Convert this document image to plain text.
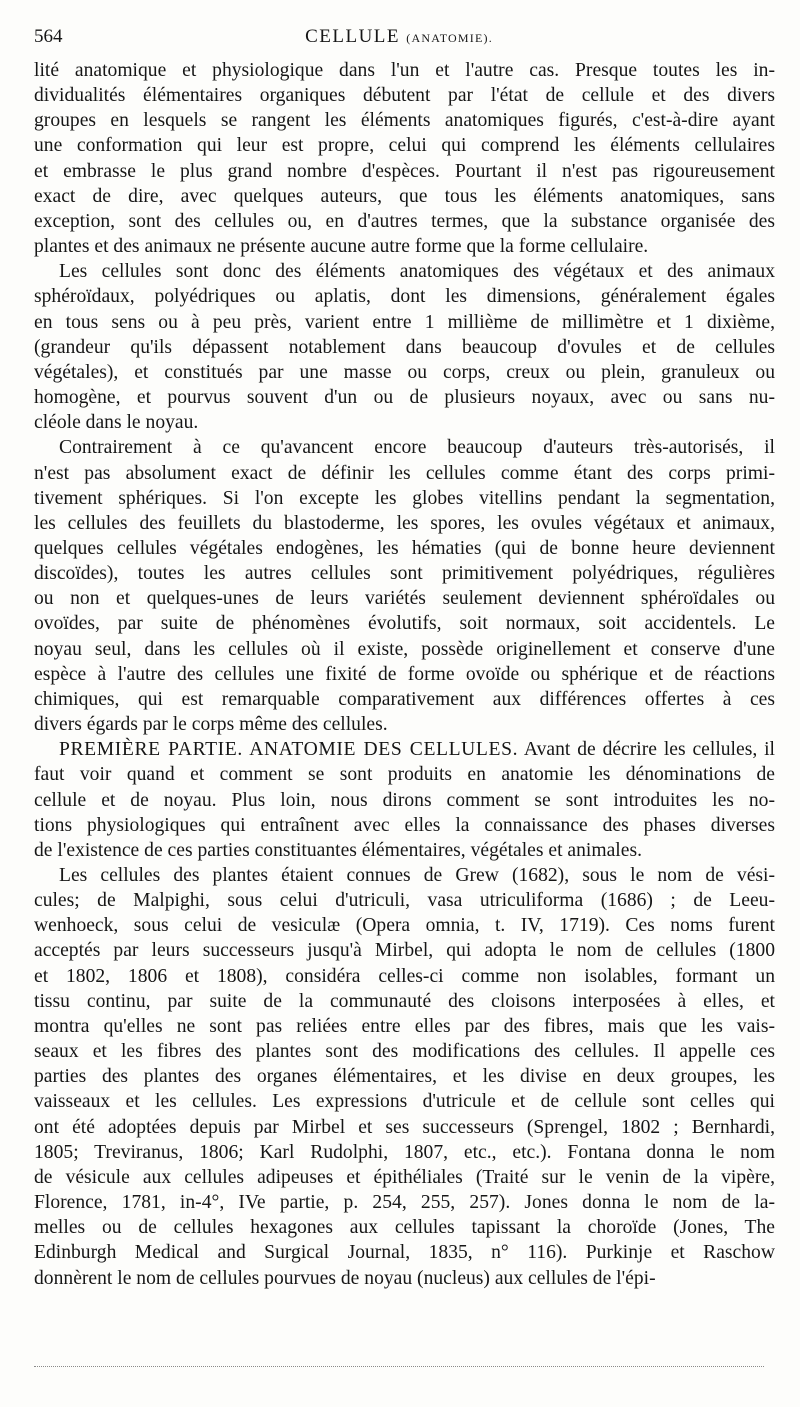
564	CELLULE (ANATOMIE).
lité anatomique et physiologique dans l'un et l'autre cas. Presque toutes les in-
dividualités élémentaires organiques débutent par l'état de cellule et des divers
groupes en lesquels se rangent les éléments anatomiques figurés, c'est-à-dire ayant
une conformation qui leur est propre, celui qui comprend les éléments cellulaires
et embrasse le plus grand nombre d'espèces. Pourtant il n'est pas rigoureusement
exact de dire, avec quelques auteurs, que tous les éléments anatomiques, sans
exception, sont des cellules ou, en d'autres termes, que la substance organisée des
plantes et des animaux ne présente aucune autre forme que la forme cellulaire.
Les cellules sont donc des éléments anatomiques des végétaux et des animaux
sphéroïdaux, polyédriques ou aplatis, dont les dimensions, généralement égales
en tous sens ou à peu près, varient entre 1 millième de millimètre et 1 dixième,
(grandeur qu'ils dépassent notablement dans beaucoup d'ovules et de cellules
végétales), et constitués par une masse ou corps, creux ou plein, granuleux ou
homogène, et pourvus souvent d'un ou de plusieurs noyaux, avec ou sans nu-
cléole dans le noyau.
Contrairement à ce qu'avancent encore beaucoup d'auteurs très-autorisés, il
n'est pas absolument exact de définir les cellules comme étant des corps primi-
tivement sphériques. Si l'on excepte les globes vitellins pendant la segmentation,
les cellules des feuillets du blastoderme, les spores, les ovules végétaux et animaux,
quelques cellules végétales endogènes, les hématies (qui de bonne heure deviennent
discoïdes), toutes les autres cellules sont primitivement polyédriques, régulières
ou non et quelques-unes de leurs variétés seulement deviennent sphéroïdales ou
ovoïdes, par suite de phénomènes évolutifs, soit normaux, soit accidentels. Le
noyau seul, dans les cellules où il existe, possède originellement et conserve d'une
espèce à l'autre des cellules une fixité de forme ovoïde ou sphérique et de réactions
chimiques, qui est remarquable comparativement aux différences offertes à ces
divers égards par le corps même des cellules.
PREMIÈRE PARTIE. ANATOMIE DES CELLULES. Avant de décrire les cellules, il
faut voir quand et comment se sont produits en anatomie les dénominations de
cellule et de noyau. Plus loin, nous dirons comment se sont introduites les no-
tions physiologiques qui entraînent avec elles la connaissance des phases diverses
de l'existence de ces parties constituantes élémentaires, végétales et animales.
Les cellules des plantes étaient connues de Grew (1682), sous le nom de vési-
cules; de Malpighi, sous celui d'utriculi, vasa utriculiforma (1686) ; de Leeu-
wenhoeck, sous celui de vesiculæ (Opera omnia, t. IV, 1719). Ces noms furent
acceptés par leurs successeurs jusqu'à Mirbel, qui adopta le nom de cellules (1800
et 1802, 1806 et 1808), considéra celles-ci comme non isolables, formant un
tissu continu, par suite de la communauté des cloisons interposées à elles, et
montra qu'elles ne sont pas reliées entre elles par des fibres, mais que les vais-
seaux et les fibres des plantes sont des modifications des cellules. Il appelle ces
parties des plantes des organes élémentaires, et les divise en deux groupes, les
vaisseaux et les cellules. Les expressions d'utricule et de cellule sont celles qui
ont été adoptées depuis par Mirbel et ses successeurs (Sprengel, 1802 ; Bernhardi,
1805; Treviranus, 1806; Karl Rudolphi, 1807, etc., etc.). Fontana donna le nom
de vésicule aux cellules adipeuses et épithéliales (Traité sur le venin de la vipère,
Florence, 1781, in-4°, IVe partie, p. 254, 255, 257). Jones donna le nom de la-
melles ou de cellules hexagones aux cellules tapissant la choroïde (Jones, The
Edinburgh Medical and Surgical Journal, 1835, n° 116). Purkinje et Raschow
donnèrent le nom de cellules pourvues de noyau (nucleus) aux cellules de l'épi-
